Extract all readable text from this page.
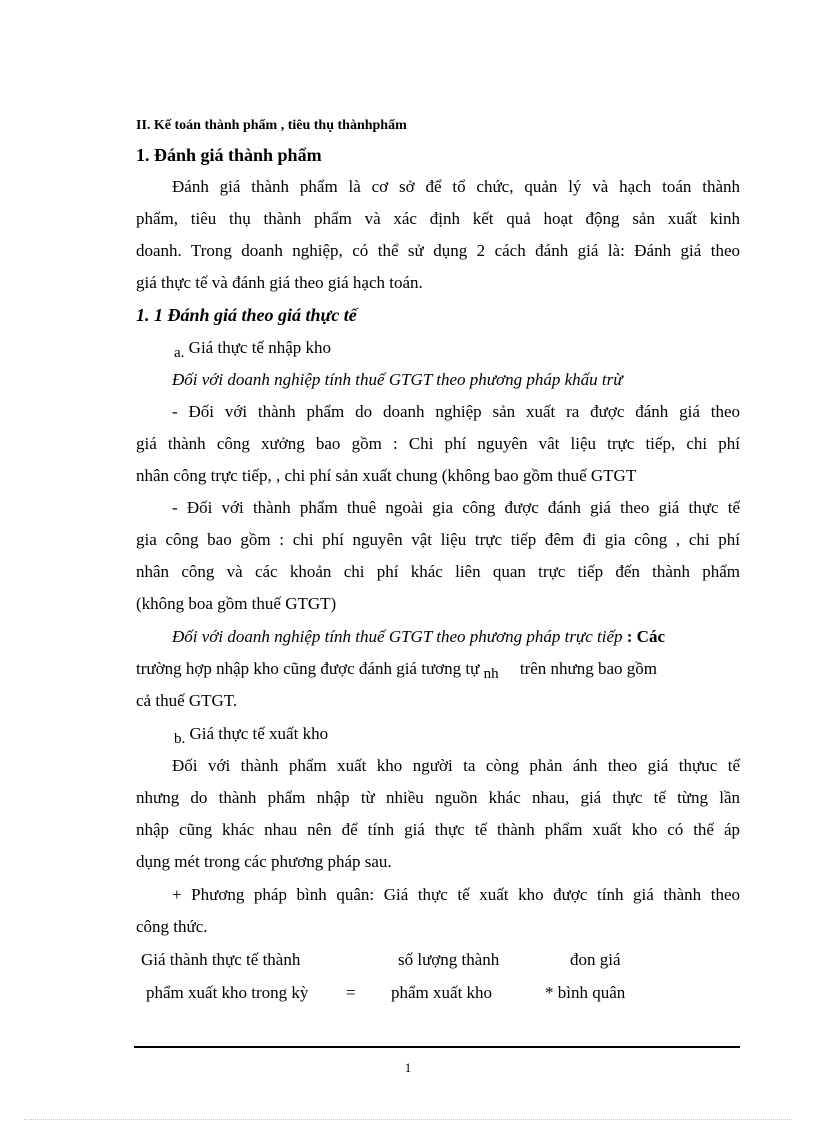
II. Kế toán thành phẩm , tiêu thụ thànhphẩm
1. Đánh giá thành phẩm
Đánh giá thành phẩm là cơ sở để tổ chức, quản lý và hạch toán thành
phẩm, tiêu thụ thành phẩm và xác định kết quả hoạt động sản xuất kinh
doanh. Trong doanh nghiệp, có thể sử dụng 2 cách đánh giá là: Đánh giá theo
giá thực tế và đánh giá theo giá hạch toán.
1. 1 Đánh giá theo giá thực tế
a. Giá thực tế nhập kho
Đối với doanh nghiệp tính thuế GTGT theo phương pháp khấu trừ
- Đối với thành phẩm do doanh nghiệp sản xuất ra được đánh giá theo
giá thành công xưởng bao gồm : Chi phí nguyên vât liệu trực tiếp, chi phí
nhân công trực tiếp, , chi phí sản xuất chung (không bao gồm thuế GTGT
- Đối với thành phẩm thuê ngoài gia công được đánh giá theo giá thực tế
gia công bao gồm : chi phí nguyên vật liệu trực tiếp đêm đi gia công , chi phí
nhân công và các khoản chi phí khác liên quan trực tiếp đến thành phẩm
(không boa gồm thuế GTGT)
Đối với doanh nghiệp tính thuế GTGT theo phương pháp trực tiếp : Các
trường hợp nhập kho cũng được đánh giá tương tự nh trên nhưng bao gồm
cả thuế GTGT.
b. Giá thực tế xuất kho
Đối với thành phẩm xuất kho người ta còng phản ánh theo giá thựuc tế
nhưng do thành phẩm nhập từ nhiều nguồn khác nhau, giá thực tế từng lần
nhập cũng khác nhau nên để tính giá thực tế thành phẩm xuất kho có thể áp
dụng mét trong các phương pháp sau.
+ Phương pháp bình quân: Giá thực tế xuất kho được tính giá thành theo
công thức.
Giá thành thực tế thành	số lượng thành	đon giá
phẩm xuất kho trong kỳ = phẩm xuất kho	* bình quân
1
